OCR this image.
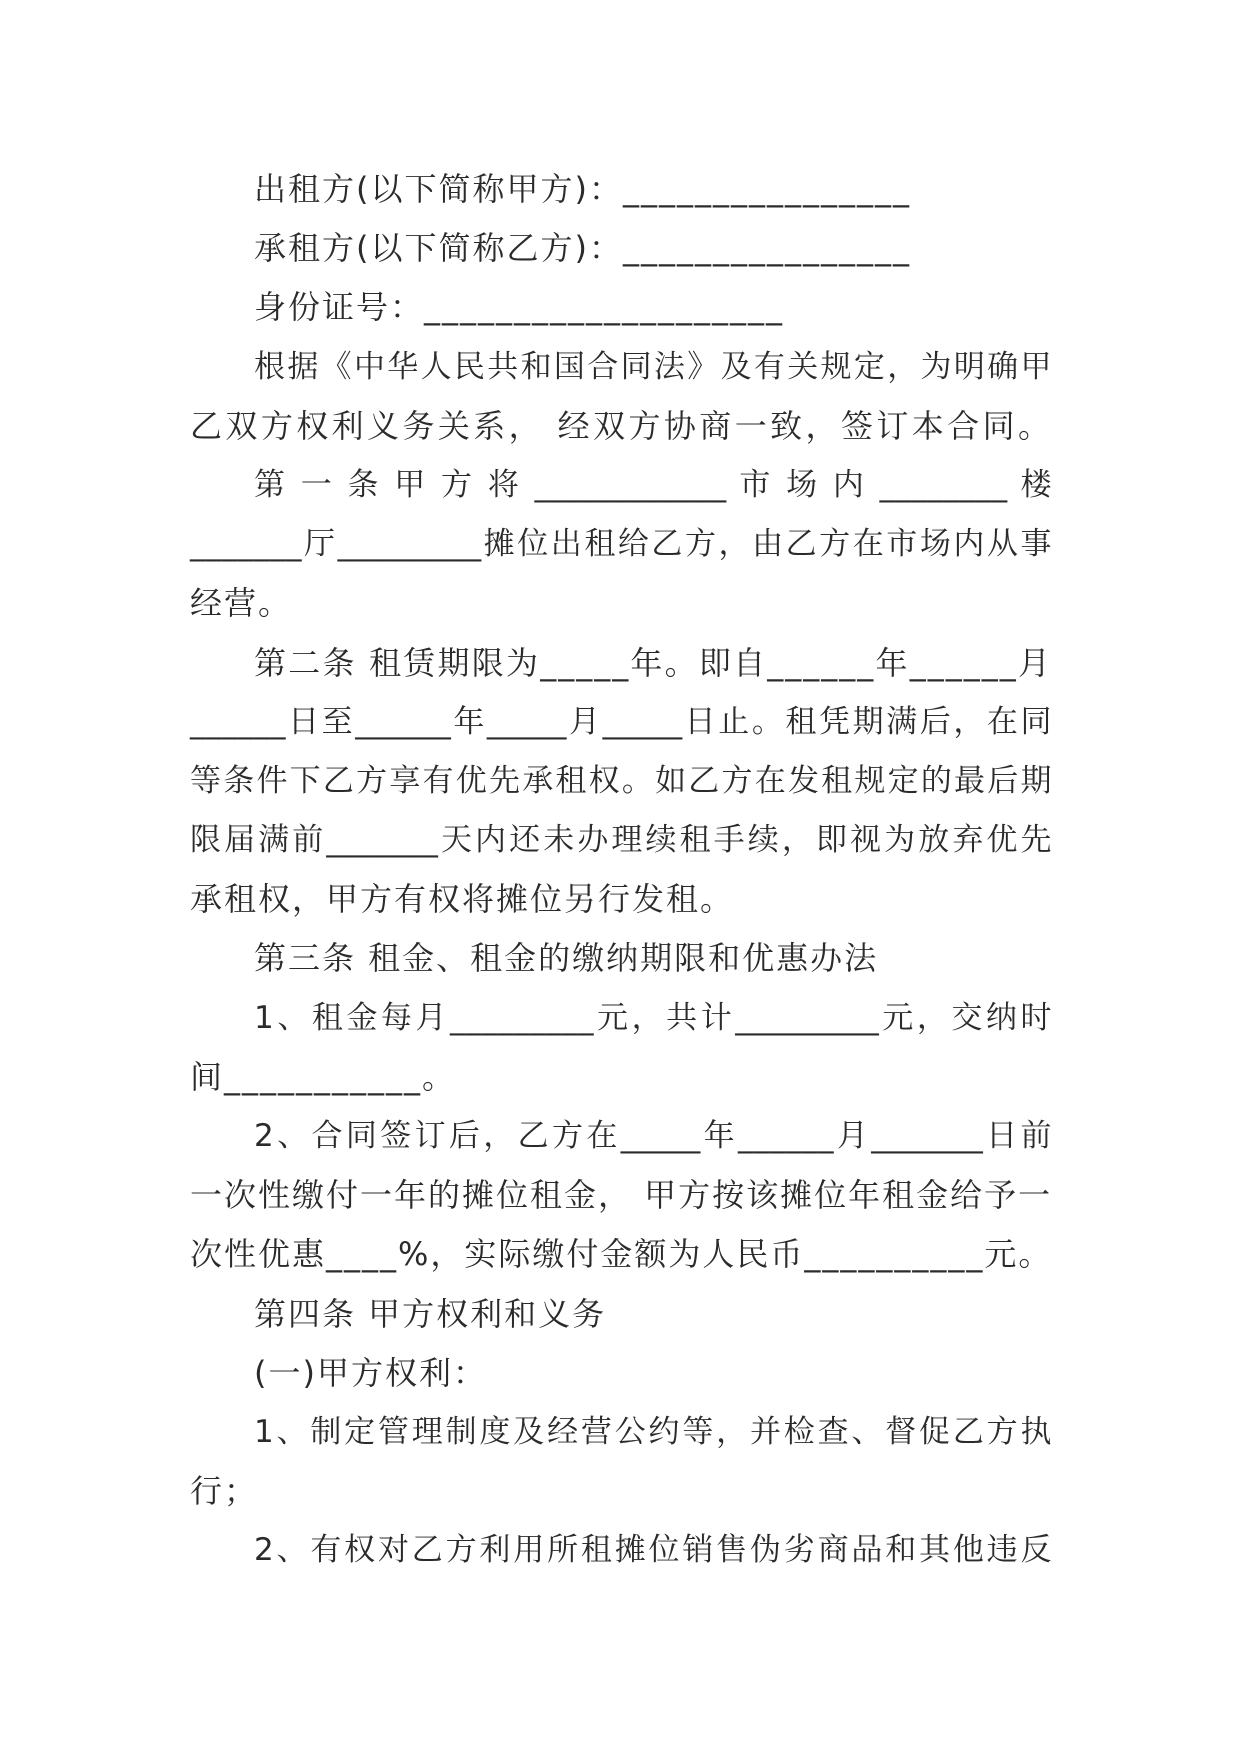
出租方(以下简称甲方)：________________
承租方(以下简称乙方)：________________
身份证号：____________________
根据《中华人民共和国合同法》及有关规定，为明确甲
乙双方权利义务关系， 经双方协商一致，签订本合同。
第 一 条 甲 方 将 ____________ 市 场 内 ________ 楼
_______厅_________摊位出租给乙方，由乙方在市场内从事
经营。
第二条 租赁期限为_____年。即自______年______月
______日至______年_____月_____日止。租凭期满后，在同
等条件下乙方享有优先承租权。如乙方在发租规定的最后期
限届满前_______天内还未办理续租手续，即视为放弃优先
承租权，甲方有权将摊位另行发租。
第三条 租金、租金的缴纳期限和优惠办法
1、租金每月_________元，共计_________元，交纳时
间___________。
2、合同签订后，乙方在_____年______月_______日前
一次性缴付一年的摊位租金， 甲方按该摊位年租金给予一
次性优惠____%，实际缴付金额为人民币__________元。
第四条 甲方权利和义务
(一)甲方权利：
1、制定管理制度及经营公约等，并检查、督促乙方执
行；
2、有权对乙方利用所租摊位销售伪劣商品和其他违反
